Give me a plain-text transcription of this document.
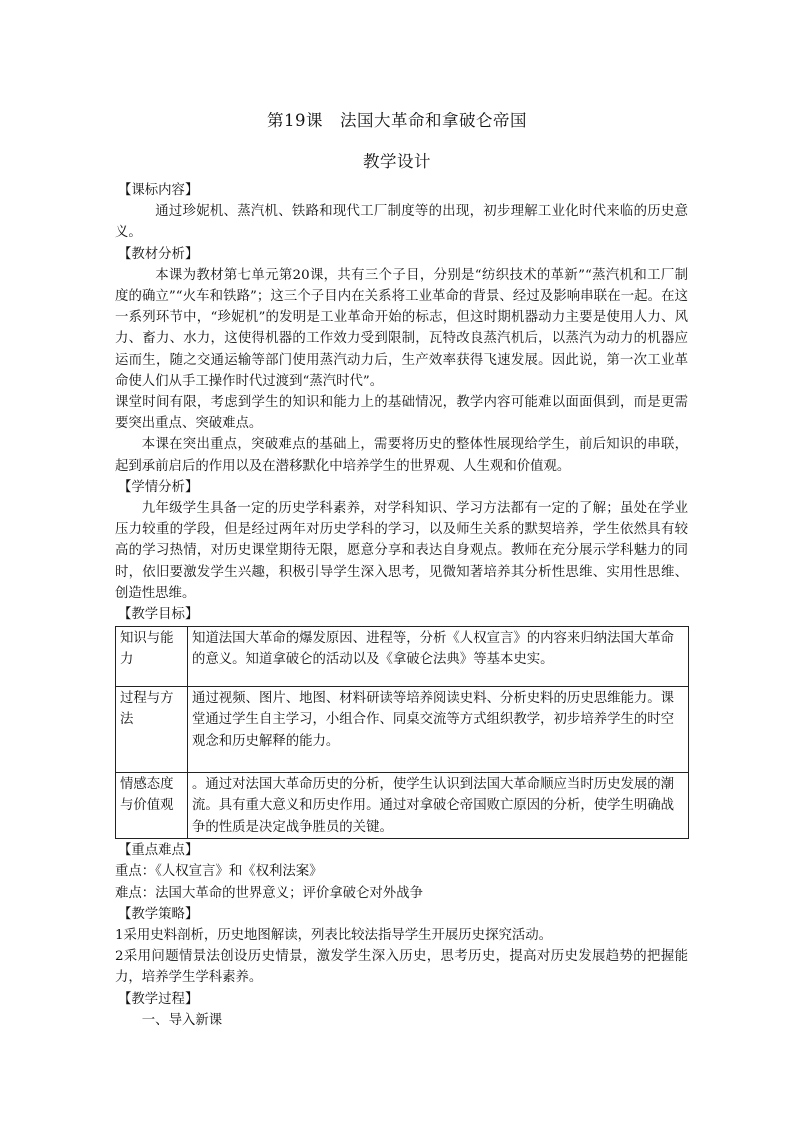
第19课　法国大革命和拿破仑帝国
教学设计
【课标内容】
通过珍妮机、蒸汽机、铁路和现代工厂制度等的出现，初步理解工业化时代来临的历史意义。
【教材分析】
本课为教材第七单元第20课，共有三个子目，分别是“纺织技术的革新”“蒸汽机和工厂制度的确立”“火车和铁路”；这三个子目内在关系将工业革命的背景、经过及影响串联在一起。在这一系列环节中，“珍妮机”的发明是工业革命开始的标志，但这时期机器动力主要是使用人力、风力、畜力、水力，这使得机器的工作效力受到限制，瓦特改良蒸汽机后，以蒸汽为动力的机器应运而生，随之交通运输等部门使用蒸汽动力后，生产效率获得飞速发展。因此说，第一次工业革命使人们从手工操作时代过渡到“蒸汽时代”。
课堂时间有限，考虑到学生的知识和能力上的基础情况，教学内容可能难以面面俱到，而是更需要突出重点、突破难点。
本课在突出重点，突破难点的基础上，需要将历史的整体性展现给学生，前后知识的串联，起到承前启后的作用以及在潜移默化中培养学生的世界观、人生观和价值观。
【学情分析】
九年级学生具备一定的历史学科素养，对学科知识、学习方法都有一定的了解；虽处在学业压力较重的学段，但是经过两年对历史学科的学习，以及师生关系的默契培养，学生依然具有较高的学习热情，对历史课堂期待无限，愿意分享和表达自身观点。教师在充分展示学科魅力的同时，依旧要激发学生兴趣，积极引导学生深入思考，见微知著培养其分析性思维、实用性思维、创造性思维。
【教学目标】
知识与能力	知道法国大革命的爆发原因、进程等，分析《人权宣言》的内容来归纳法国大革命的意义。知道拿破仑的活动以及《拿破仑法典》等基本史实。
过程与方法	通过视频、图片、地图、材料研读等培养阅读史料、分析史料的历史思维能力。课堂通过学生自主学习，小组合作、同桌交流等方式组织教学，初步培养学生的时空观念和历史解释的能力。
情感态度与价值观	。通过对法国大革命历史的分析，使学生认识到法国大革命顺应当时历史发展的潮流。具有重大意义和历史作用。通过对拿破仑帝国败亡原因的分析，使学生明确战争的性质是决定战争胜员的关键。
【重点难点】
重点：《人权宣言》和《权利法案》
难点：法国大革命的世界意义；评价拿破仑对外战争
【教学策略】
1采用史料剖析，历史地图解读，列表比较法指导学生开展历史探究活动。
2采用问题情景法创设历史情景，激发学生深入历史，思考历史，提高对历史发展趋势的把握能力，培养学生学科素养。
【教学过程】
一、导入新课
